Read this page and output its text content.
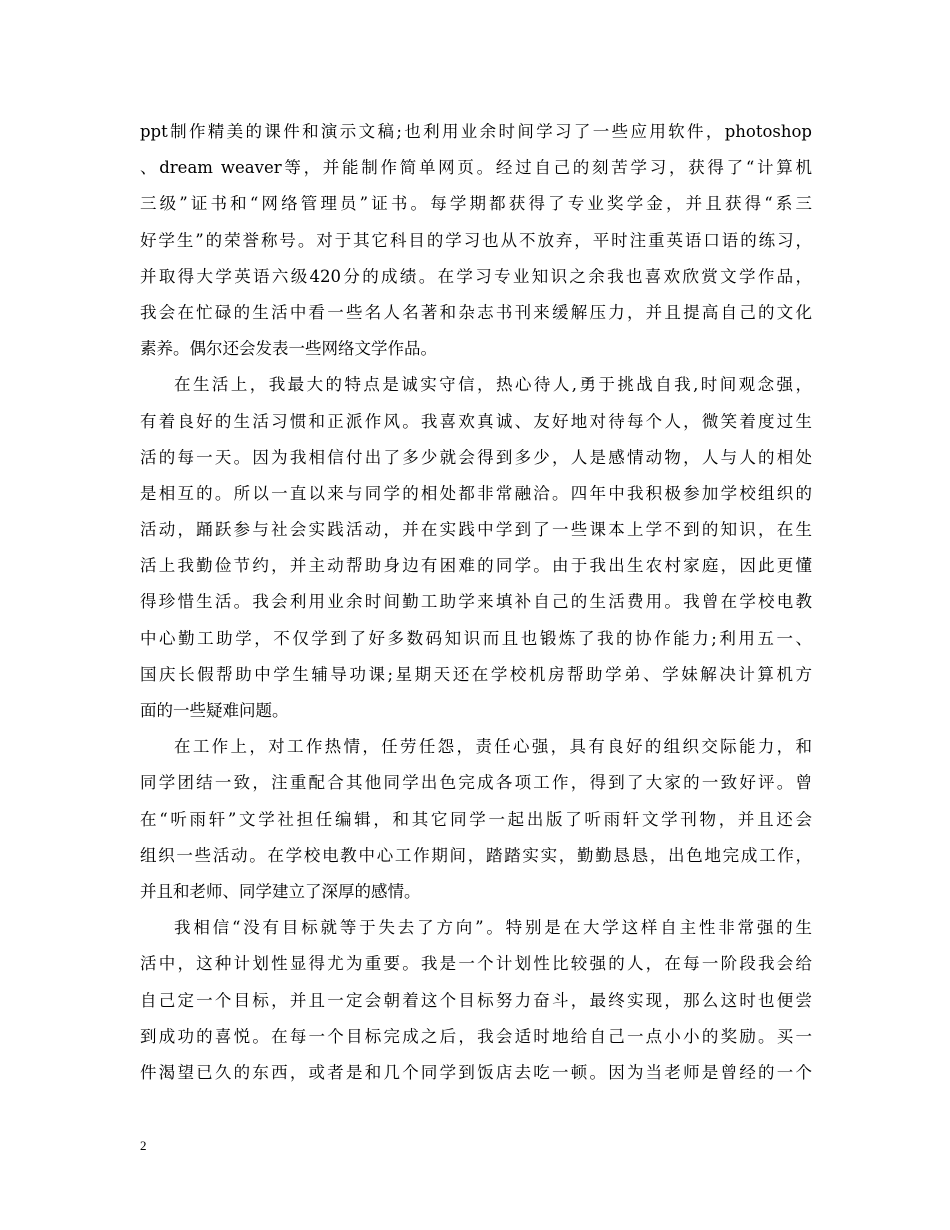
ppt制作精美的课件和演示文稿;也利用业余时间学习了一些应用软件，photoshop
、dream weaver等，并能制作简单网页。经过自己的刻苦学习，获得了“计算机
三级”证书和“网络管理员”证书。每学期都获得了专业奖学金，并且获得“系三
好学生”的荣誉称号。对于其它科目的学习也从不放弃，平时注重英语口语的练习，
并取得大学英语六级420分的成绩。在学习专业知识之余我也喜欢欣赏文学作品，
我会在忙碌的生活中看一些名人名著和杂志书刊来缓解压力，并且提高自己的文化
素养。偶尔还会发表一些网络文学作品。
在生活上，我最大的特点是诚实守信，热心待人,勇于挑战自我,时间观念强，
有着良好的生活习惯和正派作风。我喜欢真诚、友好地对待每个人，微笑着度过生
活的每一天。因为我相信付出了多少就会得到多少，人是感情动物，人与人的相处
是相互的。所以一直以来与同学的相处都非常融洽。四年中我积极参加学校组织的
活动，踊跃参与社会实践活动，并在实践中学到了一些课本上学不到的知识，在生
活上我勤俭节约，并主动帮助身边有困难的同学。由于我出生农村家庭，因此更懂
得珍惜生活。我会利用业余时间勤工助学来填补自己的生活费用。我曾在学校电教
中心勤工助学，不仅学到了好多数码知识而且也锻炼了我的协作能力;利用五一、
国庆长假帮助中学生辅导功课;星期天还在学校机房帮助学弟、学妹解决计算机方
面的一些疑难问题。
在工作上，对工作热情，任劳任怨，责任心强，具有良好的组织交际能力，和
同学团结一致，注重配合其他同学出色完成各项工作，得到了大家的一致好评。曾
在“听雨轩”文学社担任编辑，和其它同学一起出版了听雨轩文学刊物，并且还会
组织一些活动。在学校电教中心工作期间，踏踏实实，勤勤恳恳，出色地完成工作，
并且和老师、同学建立了深厚的感情。
我相信“没有目标就等于失去了方向”。特别是在大学这样自主性非常强的生
活中，这种计划性显得尤为重要。我是一个计划性比较强的人，在每一阶段我会给
自己定一个目标，并且一定会朝着这个目标努力奋斗，最终实现，那么这时也便尝
到成功的喜悦。在每一个目标完成之后，我会适时地给自己一点小小的奖励。买一
件渴望已久的东西，或者是和几个同学到饭店去吃一顿。因为当老师是曾经的一个
2
